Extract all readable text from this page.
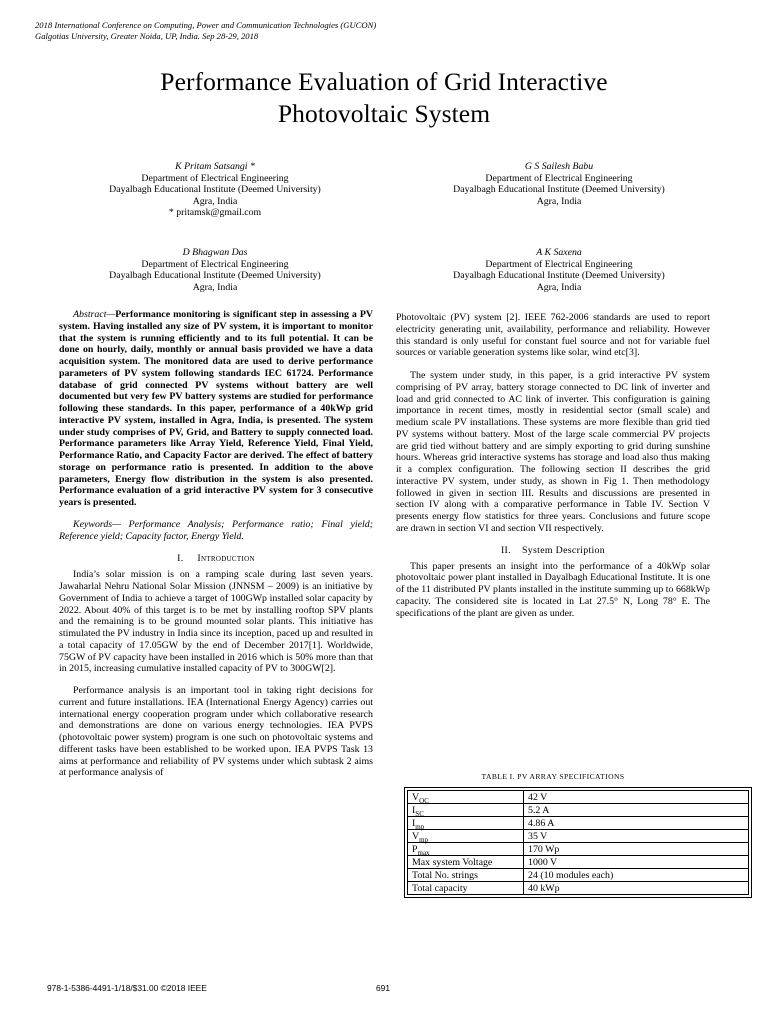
2018 International Conference on Computing, Power and Communication Technologies (GUCON)
Galgotias University, Greater Noida, UP, India. Sep 28-29, 2018
Performance Evaluation of Grid Interactive
Photovoltaic System
K Pritam Satsangi *
Department of Electrical Engineering
Dayalbagh Educational Institute (Deemed University)
Agra, India
* pritamsk@gmail.com
G S Sailesh Babu
Department of Electrical Engineering
Dayalbagh Educational Institute (Deemed University)
Agra, India
D Bhagwan Das
Department of Electrical Engineering
Dayalbagh Educational Institute (Deemed University)
Agra, India
A K Saxena
Department of Electrical Engineering
Dayalbagh Educational Institute (Deemed University)
Agra, India

Abstract—Performance monitoring is significant step in assessing a PV system. Having installed any size of PV system, it is important to monitor that the system is running efficiently and to its full potential. It can be done on hourly, daily, monthly or annual basis provided we have a data acquisition system. The monitored data are used to derive performance parameters of PV system following standards IEC 61724. Performance database of grid connected PV systems without battery are well documented but very few PV battery systems are studied for performance following these standards. In this paper, performance of a 40kWp grid interactive PV system, installed in Agra, India, is presented. The system under study comprises of PV, Grid, and Battery to supply connected load. Performance parameters like Array Yield, Reference Yield, Final Yield, Performance Ratio, and Capacity Factor are derived. The effect of battery storage on performance ratio is presented. In addition to the above parameters, Energy flow distribution in the system is also presented. Performance evaluation of a grid interactive PV system for 3 consecutive years is presented.

Keywords— Performance Analysis; Performance ratio; Final yield; Reference yield; Capacity factor, Energy Yield.

I. Introduction

India’s solar mission is on a ramping scale during last seven years. Jawaharlal Nehru National Solar Mission (JNNSM – 2009) is an initiative by Government of India to achieve a target of 100GWp installed solar capacity by 2022. About 40% of this target is to be met by installing rooftop SPV plants and the remaining is to be ground mounted solar plants. This initiative has stimulated the PV industry in India since its inception, paced up and resulted in a total capacity of 17.05GW by the end of December 2017[1]. Worldwide, 75GW of PV capacity have been installed in 2016 which is 50% more than that in 2015, increasing cumulative installed capacity of PV to 300GW[2].

Performance analysis is an important tool in taking right decisions for current and future installations. IEA (International Energy Agency) carries out international energy cooperation program under which collaborative research and demonstrations are done on various energy technologies. IEA PVPS (photovoltaic power system) program is one such on photovoltaic systems and different tasks have been established to be worked upon. IEA PVPS Task 13 aims at performance and reliability of PV systems under which subtask 2 aims at performance analysis of

Photovoltaic (PV) system [2]. IEEE 762-2006 standards are used to report electricity generating unit, availability, performance and reliability. However this standard is only useful for constant fuel source and not for variable fuel sources or variable generation systems like solar, wind etc[3].

The system under study, in this paper, is a grid interactive PV system comprising of PV array, battery storage connected to DC link of inverter and load and grid connected to AC link of inverter. This configuration is gaining importance in recent times, mostly in residential sector (small scale) and medium scale PV installations. These systems are more flexible than grid tied PV systems without battery. Most of the large scale commercial PV projects are grid tied without battery and are simply exporting to grid during sunshine hours. Whereas grid interactive systems has storage and load also thus making it a complex configuration. The following section II describes the grid interactive PV system, under study, as shown in Fig 1. Then methodology followed in given in section III. Results and discussions are presented in section IV along with a comparative performance in Table IV. Section V presents energy flow statistics for three years. Conclusions and future scope are drawn in section VI and section VII respectively.

II. System Description

This paper presents an insight into the performance of a 40kWp solar photovoltaic power plant installed in Dayalbagh Educational Institute. It is one of the 11 distributed PV plants installed in the institute summing up to 668kWp capacity. The considered site is located in Lat 27.5° N, Long 78° E. The specifications of the plant are given as under.

TABLE I. PV ARRAY SPECIFICATIONS
$V_{OC}$	42 V
$I_{SC}$	5.2 A
$I_{mp}$	4.86 A
$V_{mp}$	35 V
$P_{max}$	170 Wp
Max system Voltage	1000 V
Total No. strings	24 (10 modules each)
Total capacity	40 kWp
978-1-5386-4491-1/18/$31.00 ©2018 IEEE	691
